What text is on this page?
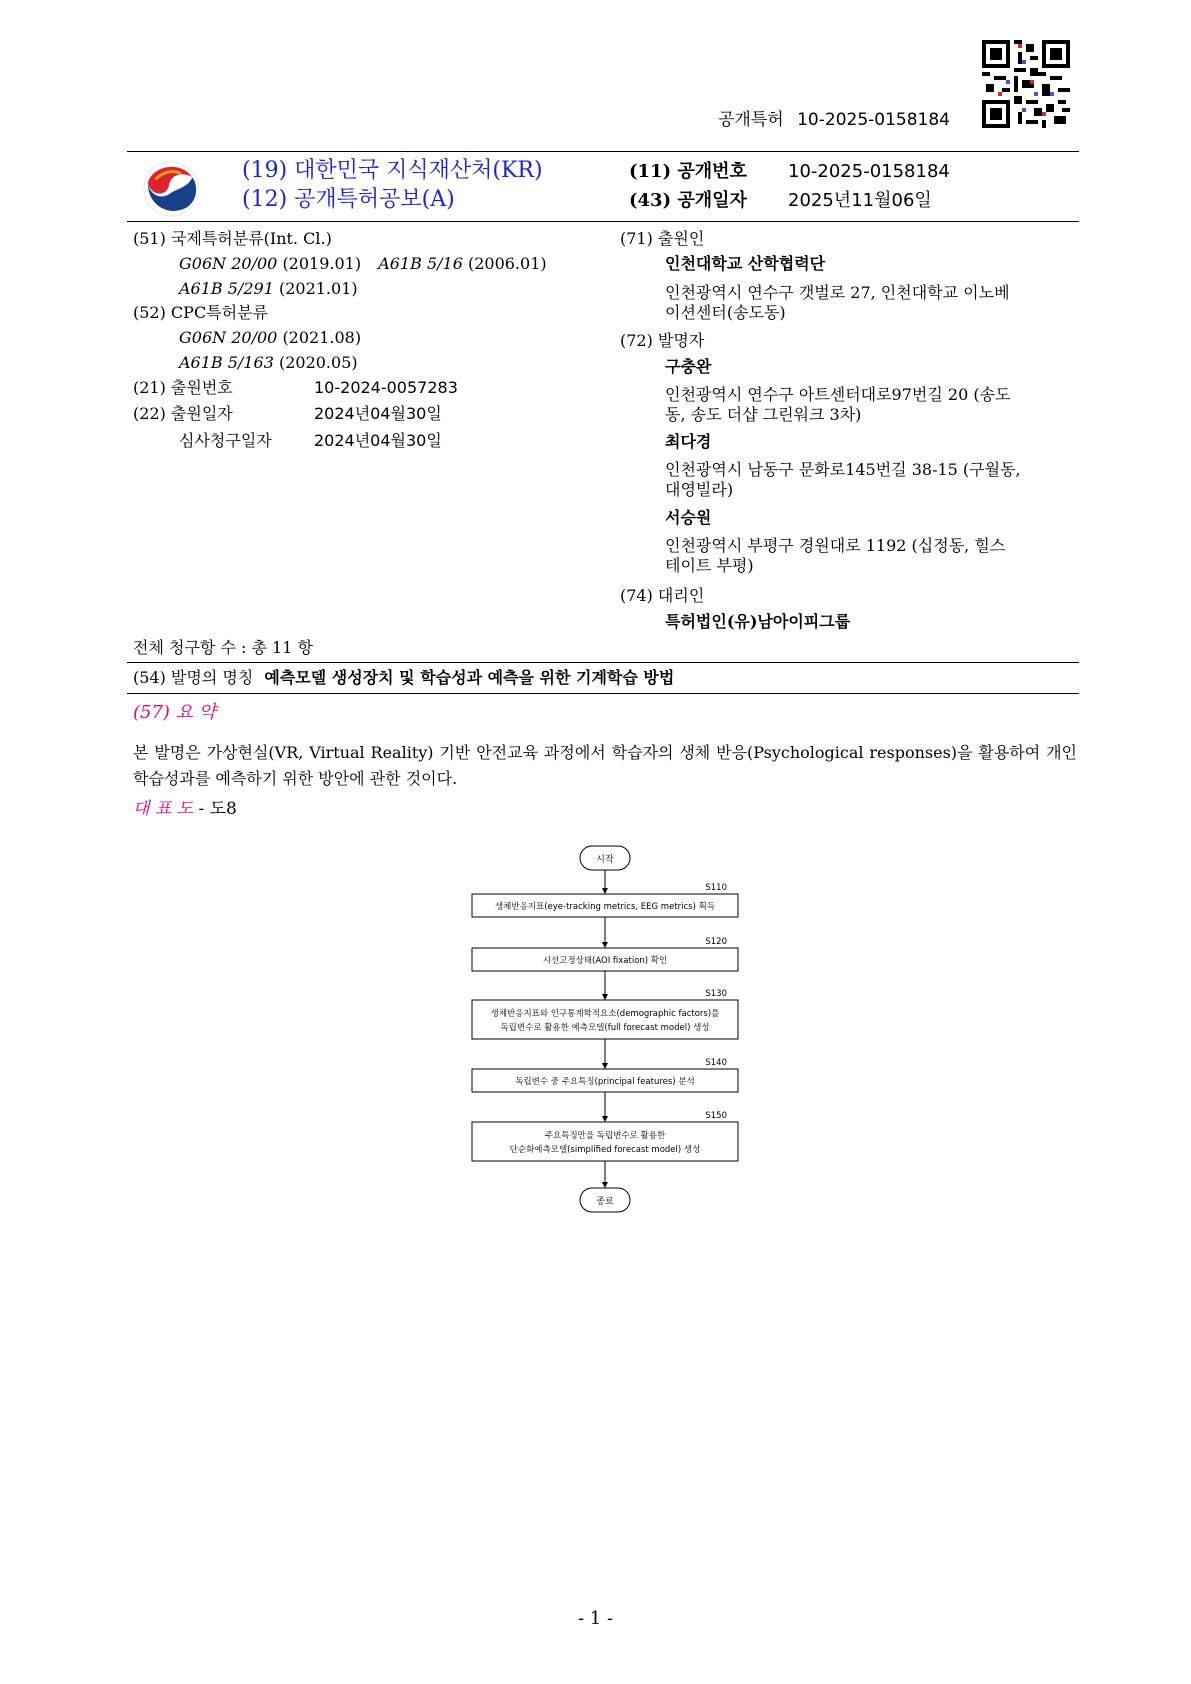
공개특허 10-2025-0158184
(19) 대한민국 지식재산처(KR)
(12) 공개특허공보(A)
(11) 공개번호 10-2025-0158184
(43) 공개일자 2025년11월06일
(51) 국제특허분류(Int. Cl.)
G06N 20/00 (2019.01) A61B 5/16 (2006.01)
A61B 5/291 (2021.01)
(52) CPC특허분류
G06N 20/00 (2021.08)
A61B 5/163 (2020.05)
(21) 출원번호	10-2024-0057283
(22) 출원일자	2024년04월30일
심사청구일자	2024년04월30일
(71) 출원인
인천대학교 산학협력단
인천광역시 연수구 갯벌로 27, 인천대학교 이노베
이션센터(송도동)
(72) 발명자
구충완
인천광역시 연수구 아트센터대로97번길 20 (송도
동, 송도 더샵 그린워크 3차)
최다경
인천광역시 남동구 문화로145번길 38-15 (구월동,
대영빌라)
서승원
인천광역시 부평구 경원대로 1192 (십정동, 힐스
테이트 부평)
(74) 대리인
특허법인(유)남아이피그룹
전체 청구항 수 : 총 11 항
(54) 발명의 명칭 예측모델 생성장치 및 학습성과 예측을 위한 기계학습 방법
(57) 요 약
본 발명은 가상현실(VR, Virtual Reality) 기반 안전교육 과정에서 학습자의 생체 반응(Psychological responses)을 활용하여 개인 학습성과를 예측하기 위한 방안에 관한 것이다.
대 표 도 - 도8
시작
S110
생체반응지표(eye-tracking metrics, EEG metrics) 획득
S120
시선고정상태(AOI fixation) 확인
S130
생체반응지표와 인구통계학적요소(demographic factors)를
독립변수로 활용한 예측모델(full forecast model) 생성
S140
독립변수 중 주요특징(principal features) 분석
S150
주요특징만을 독립변수로 활용한
단순화예측모델(simplified forecast model) 생성
종료
- 1 -
